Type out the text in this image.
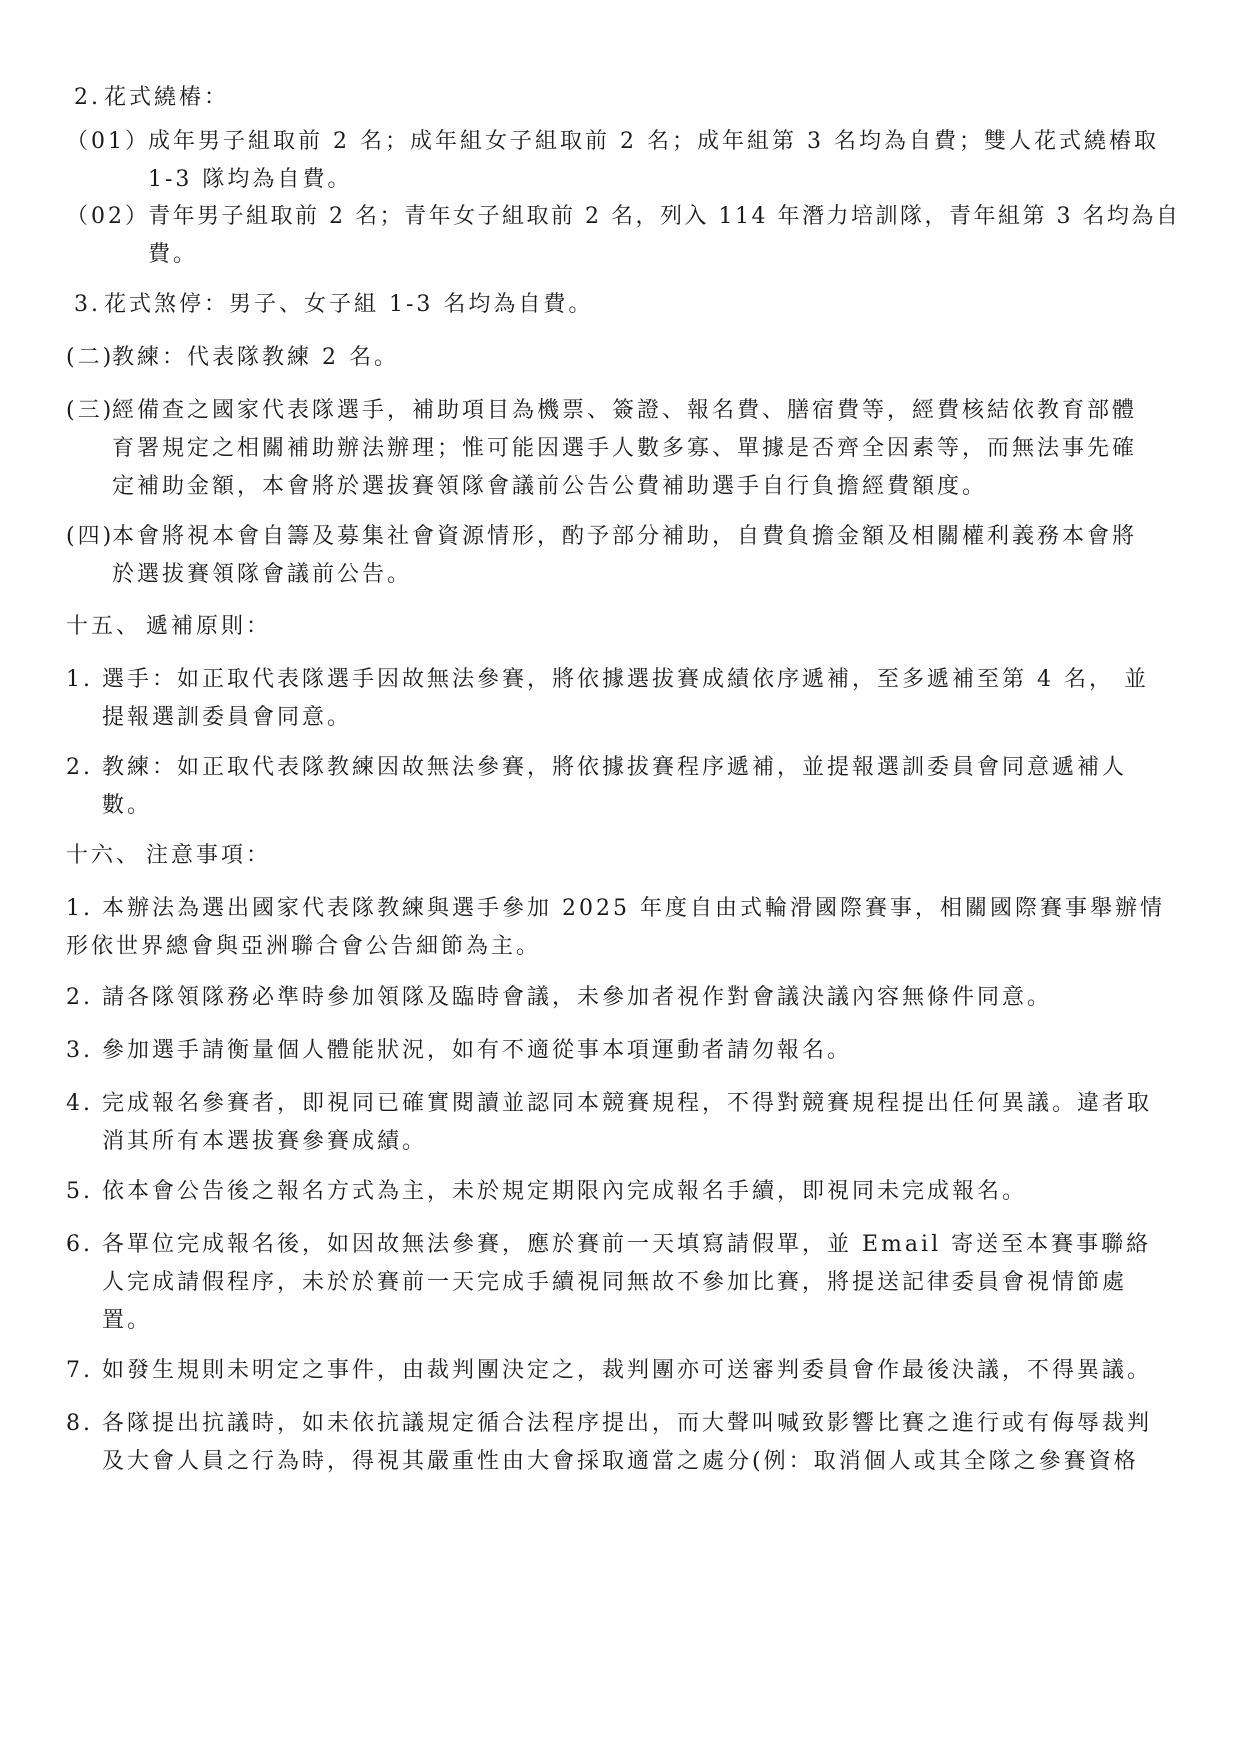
2. 花式繞樁：
（01）
成年男子組取前 2 名；成年組女子組取前 2 名；成年組第 3 名均為自費；雙人花式繞樁取
1-3 隊均為自費。
（02）
青年男子組取前 2 名；青年女子組取前 2 名，列入 114 年潛力培訓隊，青年組第 3 名均為自
費。
3. 花式煞停：男子、女子組 1-3 名均為自費。
(二)
教練：代表隊教練 2 名。
(三)
經備查之國家代表隊選手，補助項目為機票、簽證、報名費、膳宿費等，經費核結依教育部體
育署規定之相關補助辦法辦理；惟可能因選手人數多寡、單據是否齊全因素等，而無法事先確
定補助金額，本會將於選拔賽領隊會議前公告公費補助選手自行負擔經費額度。
(四)
本會將視本會自籌及募集社會資源情形，酌予部分補助，自費負擔金額及相關權利義務本會將
於選拔賽領隊會議前公告。
十五、 遞補原則：
1. 選手：如正取代表隊選手因故無法參賽，將依據選拔賽成績依序遞補，至多遞補至第 4 名， 並
提報選訓委員會同意。
2. 教練：如正取代表隊教練因故無法參賽，將依據拔賽程序遞補，並提報選訓委員會同意遞補人
數。
十六、 注意事項：
1. 本辦法為選出國家代表隊教練與選手參加 2025 年度自由式輪滑國際賽事，相關國際賽事舉辦情
形依世界總會與亞洲聯合會公告細節為主。
2. 請各隊領隊務必準時參加領隊及臨時會議，未參加者視作對會議決議內容無條件同意。
3. 參加選手請衡量個人體能狀況，如有不適從事本項運動者請勿報名。
4. 完成報名參賽者，即視同已確實閱讀並認同本競賽規程，不得對競賽規程提出任何異議。違者取
消其所有本選拔賽參賽成績。
5. 依本會公告後之報名方式為主，未於規定期限內完成報名手續，即視同未完成報名。
6. 各單位完成報名後，如因故無法參賽，應於賽前一天填寫請假單，並 Email 寄送至本賽事聯絡
人完成請假程序，未於於賽前一天完成手續視同無故不參加比賽，將提送記律委員會視情節處
置。
7. 如發生規則未明定之事件，由裁判團決定之，裁判團亦可送審判委員會作最後決議，不得異議。
8. 各隊提出抗議時，如未依抗議規定循合法程序提出，而大聲叫喊致影響比賽之進行或有侮辱裁判
及大會人員之行為時，得視其嚴重性由大會採取適當之處分(例：取消個人或其全隊之參賽資格
